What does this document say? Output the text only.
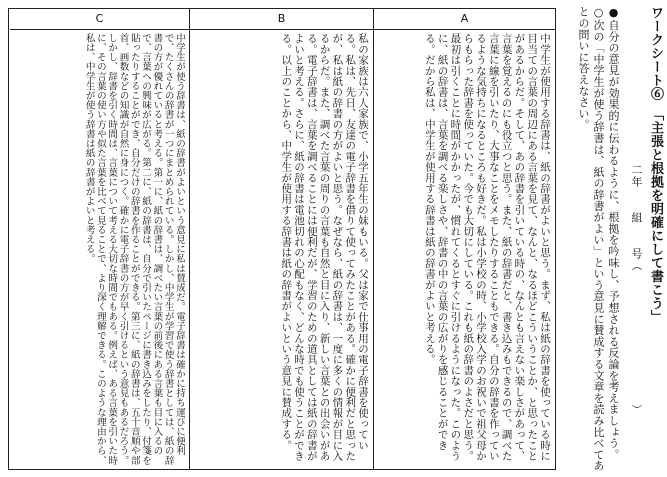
ワークシート⑥　「主張と根拠を明確にして書こう」
二年　　組　　号（　　　　　　　　　　　）
●自分の意見が効果的に伝わるように、根拠を吟味し、予想される反論を考えましょう。
○次の「中学生が使う辞書は、紙の辞書がよい」という意見に賛成する文章を読み比べてあとの問いに答えなさい。
A
中学生が使用する辞書は、紙の辞書がよいと思う。まず、私は紙の辞書を使っている時に目当ての言葉の周辺にある言葉を見て、なんと、なるほどこういうことか、と思ったことがあるからだ。そして、あの辞書を引いている時の、なんとも言えない楽しさがあって、言葉を覚えるのにも役立つと思う。また、紙の辞書だと、書き込みもできるので、調べた言葉に線を引いたり、大事なことをメモしたりすることもできる。自分の辞書を作っているような気持ちになるところも好きだ。私は小学校の時、小学校入学のお祝いで祖父母からもらった辞書を使っていた。今でも大切にしている。これも紙の辞書のよさだと思う。最初は引くことに時間がかかったが、慣れてくるとすぐに引けるようになった。このように、紙の辞書は、言葉を調べる楽しさや、辞書の中の言葉の広がりを感じることができる。だから私は、中学生が使用する辞書は紙の辞書がよいと考える。
B
私の家族は六人家族で、小学五年生の妹もいる。父は家で仕事用の電子辞書を使っている。私は、先日、友達の電子辞書を借りて使ってみたことがある。確かに便利だと思ったが、私は紙の辞書の方がよいと思う。なぜなら、紙の辞書は、一度に多くの情報が目に入るからだ。また、調べた言葉の周りの言葉も自然と目に入り、新しい言葉との出会いがある。電子辞書は、言葉を調べることには便利だが、学習のための道具としては紙の辞書がよいと考える。さらに、紙の辞書は電池切れの心配もなく、どんな時でも使うことができる。以上のことから、中学生が使用する辞書は紙の辞書がよいという意見に賛成する。
C
中学生が使う辞書は、紙の辞書がよいという意見に私は賛成だ。電子辞書は確かに持ち運びに便利で、たくさんの辞書が一つにまとめられている。しかし、中学生が学習で使う辞書としては、紙の辞書の方が優れていると考える。第一に、紙の辞書は、調べたい言葉の前後にある言葉も目に入るので、言葉への興味が広がる。第二に、紙の辞書は、自分で引いたページに書き込みをしたり、付箋を貼ったりすることができ、自分だけの辞書を作ることができる。第三に、紙の辞書は、五十音順や部首、画数などの知識が自然に身につく。確かに電子辞書の方が早く引けるという意見もあるだろう。しかし、辞書を引く時間は、言葉について考える大切な時間でもある。例えば、ある言葉を引いた時に、その言葉の使い方や似た言葉を比べて見ることで、より深く理解できる。このような理由から、私は、中学生が使う辞書は紙の辞書がよいと考える。
